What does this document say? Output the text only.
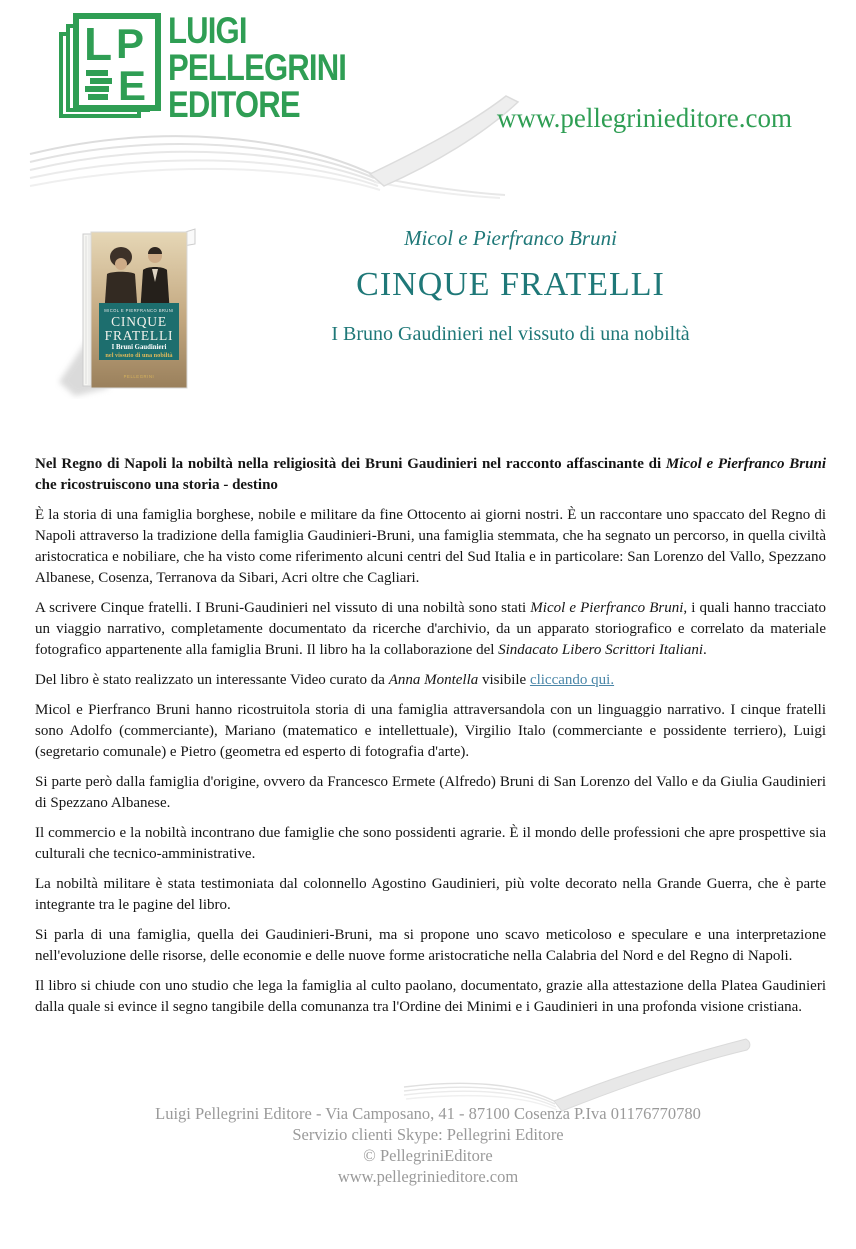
L P
E
LUIGI
PELLEGRINI
EDITORE	www.pellegrinieditore.com
MICOL E PIERFRANCO BRUNI
CINQUE
FRATELLI
I Bruni Gaudinieri
nel vissuto di una nobiltà
PELLEGRINI
Micol e Pierfranco Bruni
CINQUE FRATELLI
I Bruno Gaudinieri nel vissuto di una nobiltà

Nel Regno di Napoli la nobiltà nella religiosità dei Bruni Gaudinieri nel racconto affascinante di Micol e Pierfranco Bruni che ricostruiscono una storia - destino

È la storia di una famiglia borghese, nobile e militare da fine Ottocento ai giorni nostri. È un raccontare uno spaccato del Regno di Napoli attraverso la tradizione della famiglia Gaudinieri-Bruni, una famiglia stemmata, che ha segnato un percorso, in quella civiltà aristocratica e nobiliare, che ha visto come riferimento alcuni centri del Sud Italia e in particolare: San Lorenzo del Vallo, Spezzano Albanese, Cosenza, Terranova da Sibari, Acri oltre che Cagliari.

A scrivere Cinque fratelli. I Bruni-Gaudinieri nel vissuto di una nobiltà sono stati Micol e Pierfranco Bruni, i quali hanno tracciato un viaggio narrativo, completamente documentato da ricerche d'archivio, da un apparato storiografico e correlato da materiale fotografico appartenente alla famiglia Bruni. Il libro ha la collaborazione del Sindacato Libero Scrittori Italiani.

Del libro è stato realizzato un interessante Video curato da Anna Montella visibile cliccando qui.

Micol e Pierfranco Bruni hanno ricostruitola storia di una famiglia attraversandola con un linguaggio narrativo. I cinque fratelli sono Adolfo (commerciante), Mariano (matematico e intellettuale), Virgilio Italo (commerciante e possidente terriero), Luigi (segretario comunale) e Pietro (geometra ed esperto di fotografia d'arte).

Si parte però dalla famiglia d'origine, ovvero da Francesco Ermete (Alfredo) Bruni di San Lorenzo del Vallo e da Giulia Gaudinieri di Spezzano Albanese.

Il commercio e la nobiltà incontrano due famiglie che sono possidenti agrarie. È il mondo delle professioni che apre prospettive sia culturali che tecnico-amministrative.

La nobiltà militare è stata testimoniata dal colonnello Agostino Gaudinieri, più volte decorato nella Grande Guerra, che è parte integrante tra le pagine del libro.

Si parla di una famiglia, quella dei Gaudinieri-Bruni, ma si propone uno scavo meticoloso e speculare e una interpretazione nell'evoluzione delle risorse, delle economie e delle nuove forme aristocratiche nella Calabria del Nord e del Regno di Napoli.

Il libro si chiude con uno studio che lega la famiglia al culto paolano, documentato, grazie alla attestazione della Platea Gaudinieri dalla quale si evince il segno tangibile della comunanza tra l'Ordine dei Minimi e i Gaudinieri in una profonda visione cristiana.

Luigi Pellegrini Editore - Via Camposano, 41 - 87100 Cosenza P.Iva 01176770780
Servizio clienti Skype: Pellegrini Editore
© PellegriniEditore
www.pellegrinieditore.com
